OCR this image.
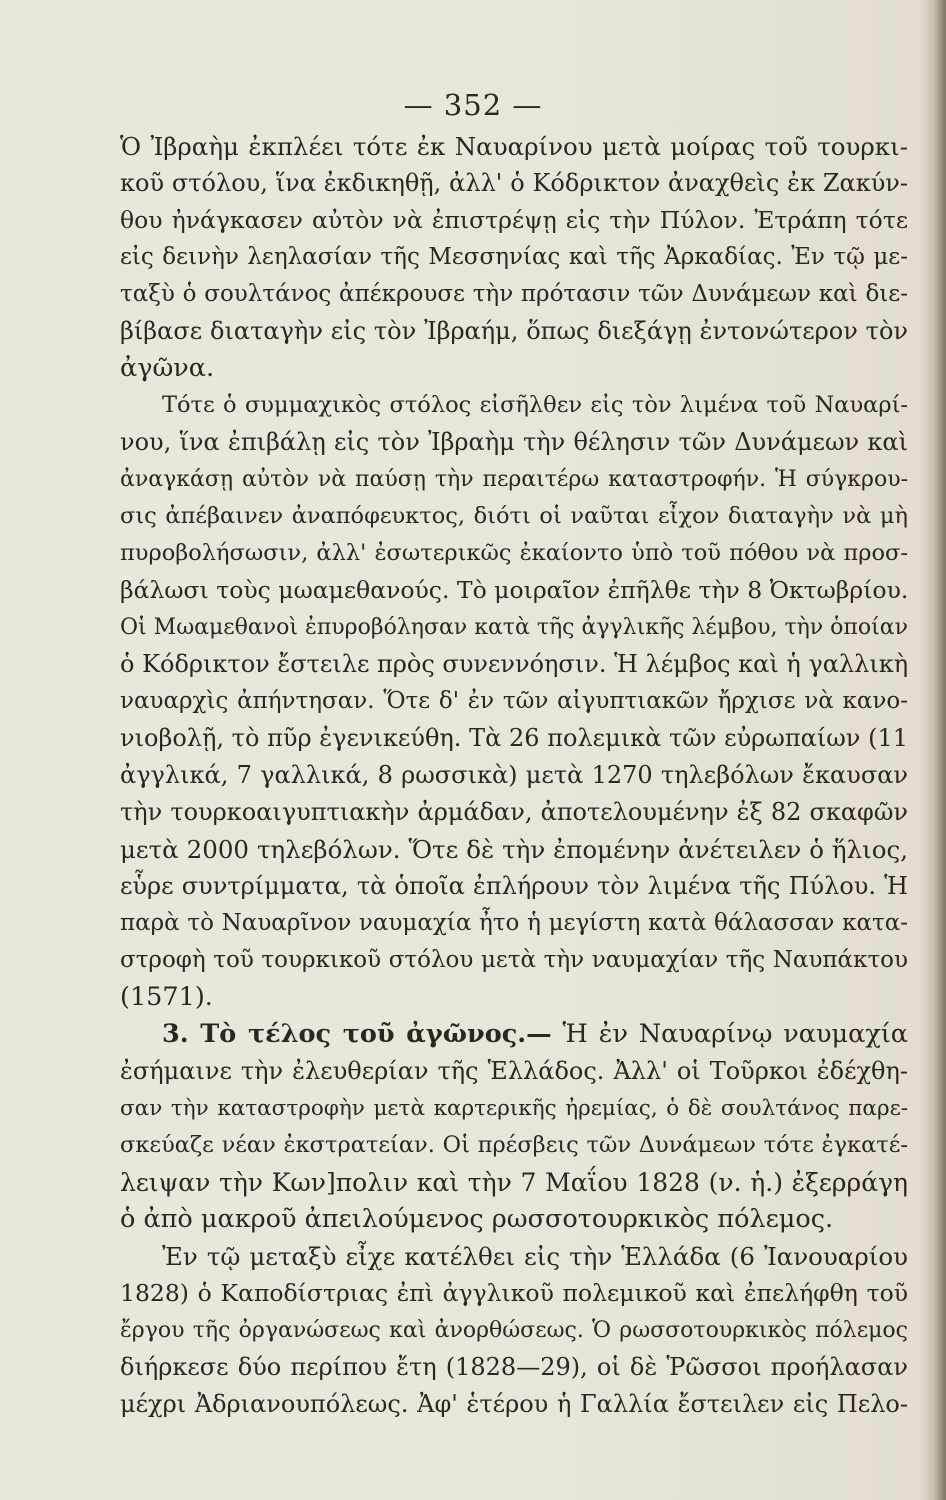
— 352 —
Ὁ Ἰβραὴμ ἐκπλέει τότε ἐκ Ναυαρίνου μετὰ μοίρας τοῦ τουρκι-
κοῦ στόλου, ἵνα ἐκδικηθῇ, ἀλλ' ὁ Κόδρικτον ἀναχθεὶς ἐκ Ζακύν-
θου ἠνάγκασεν αὐτὸν νὰ ἐπιστρέψῃ εἰς τὴν Πύλον. Ἐτράπη τότε
εἰς δεινὴν λεηλασίαν τῆς Μεσσηνίας καὶ τῆς Ἀρκαδίας. Ἐν τῷ με-
ταξὺ ὁ σουλτάνος ἀπέκρουσε τὴν πρότασιν τῶν Δυνάμεων καὶ διε-
βίβασε διαταγὴν εἰς τὸν Ἰβραήμ, ὅπως διεξάγῃ ἐντονώτερον τὸν
ἀγῶνα.
Τότε ὁ συμμαχικὸς στόλος εἰσῆλθεν εἰς τὸν λιμένα τοῦ Ναυαρί-
νου, ἵνα ἐπιβάλῃ εἰς τὸν Ἰβραὴμ τὴν θέλησιν τῶν Δυνάμεων καὶ
ἀναγκάσῃ αὐτὸν νὰ παύσῃ τὴν περαιτέρω καταστροφήν. Ἡ σύγκρου-
σις ἀπέβαινεν ἀναπόφευκτος, διότι οἱ ναῦται εἶχον διαταγὴν νὰ μὴ
πυροβολήσωσιν, ἀλλ' ἐσωτερικῶς ἐκαίοντο ὑπὸ τοῦ πόθου νὰ προσ-
βάλωσι τοὺς μωαμεθανούς. Τὸ μοιραῖον ἐπῆλθε τὴν 8 Ὀκτωβρίου.
Οἱ Μωαμεθανοὶ ἐπυροβόλησαν κατὰ τῆς ἀγγλικῆς λέμβου, τὴν ὁποίαν
ὁ Κόδρικτον ἔστειλε πρὸς συνεννόησιν. Ἡ λέμβος καὶ ἡ γαλλικὴ
ναυαρχὶς ἀπήντησαν. Ὅτε δ' ἐν τῶν αἰγυπτιακῶν ἤρχισε νὰ κανο-
νιοβολῇ, τὸ πῦρ ἐγενικεύθη. Τὰ 26 πολεμικὰ τῶν εὐρωπαίων (11
ἀγγλικά, 7 γαλλικά, 8 ρωσσικὰ) μετὰ 1270 τηλεβόλων ἔκαυσαν
τὴν τουρκοαιγυπτιακὴν ἀρμάδαν, ἀποτελουμένην ἐξ 82 σκαφῶν
μετὰ 2000 τηλεβόλων. Ὅτε δὲ τὴν ἐπομένην ἀνέτειλεν ὁ ἥλιος,
εὗρε συντρίμματα, τὰ ὁποῖα ἐπλήρουν τὸν λιμένα τῆς Πύλου. Ἡ
παρὰ τὸ Ναυαρῖνον ναυμαχία ἦτο ἡ μεγίστη κατὰ θάλασσαν κατα-
στροφὴ τοῦ τουρκικοῦ στόλου μετὰ τὴν ναυμαχίαν τῆς Ναυπάκτου
(1571).
3. Τὸ τέλος τοῦ ἀγῶνος.— Ἡ ἐν Ναυαρίνῳ ναυμαχία
ἐσήμαινε τὴν ἐλευθερίαν τῆς Ἑλλάδος. Ἀλλ' οἱ Τοῦρκοι ἐδέχθη-
σαν τὴν καταστροφὴν μετὰ καρτερικῆς ἠρεμίας, ὁ δὲ σουλτάνος παρε-
σκεύαζε νέαν ἐκστρατείαν. Οἱ πρέσβεις τῶν Δυνάμεων τότε ἐγκατέ-
λειψαν τὴν Κων]πολιν καὶ τὴν 7 Μαΐου 1828 (ν. ἡ.) ἐξερράγη
ὁ ἀπὸ μακροῦ ἀπειλούμενος ρωσσοτουρκικὸς πόλεμος.
Ἐν τῷ μεταξὺ εἶχε κατέλθει εἰς τὴν Ἑλλάδα (6 Ἰανουαρίου
1828) ὁ Καποδίστριας ἐπὶ ἀγγλικοῦ πολεμικοῦ καὶ ἐπελήφθη τοῦ
ἔργου τῆς ὀργανώσεως καὶ ἀνορθώσεως. Ὁ ρωσσοτουρκικὸς πόλεμος
διήρκεσε δύο περίπου ἔτη (1828—29), οἱ δὲ Ῥῶσσοι προήλασαν
μέχρι Ἀδριανουπόλεως. Ἀφ' ἑτέρου ἡ Γαλλία ἔστειλεν εἰς Πελο-
